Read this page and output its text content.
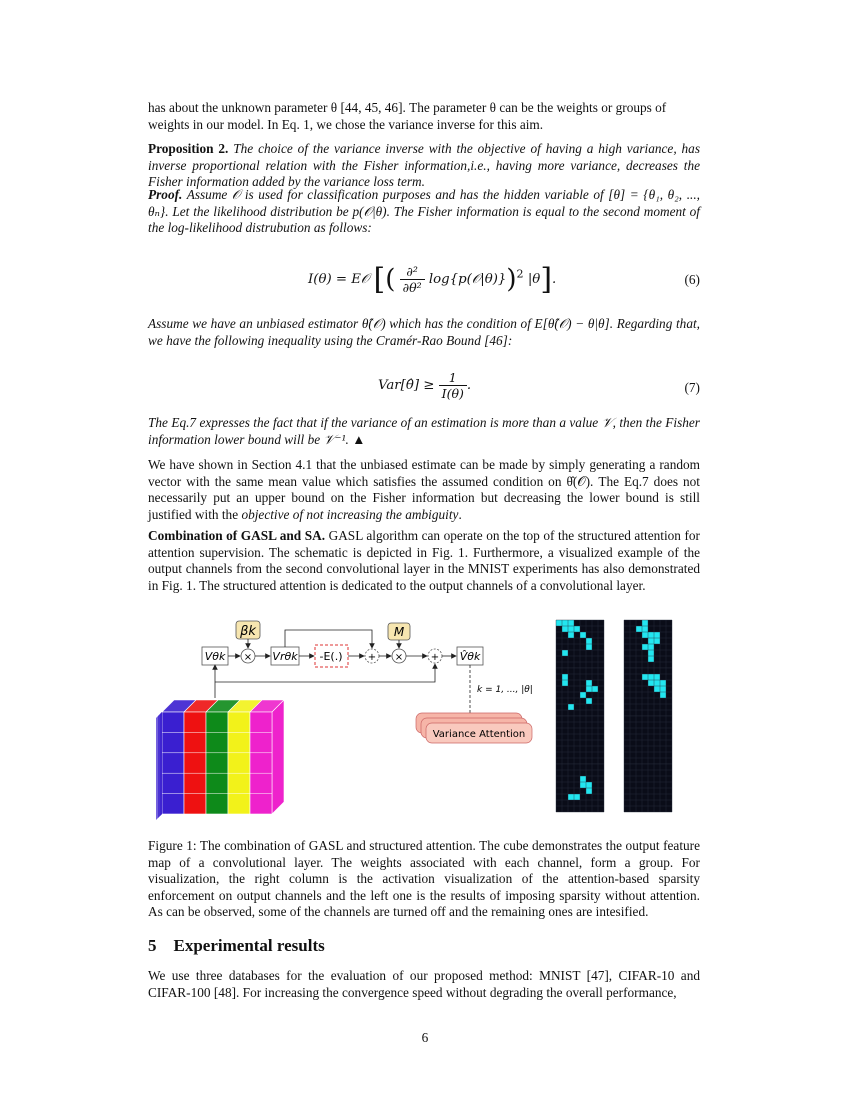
has about the unknown parameter θ [44, 45, 46]. The parameter θ can be the weights or groups of
weights in our model. In Eq. 1, we chose the variance inverse for this aim.

Proposition 2. The choice of the variance inverse with the objective of having a high variance, has inverse proportional relation with the Fisher information,i.e., having more variance, decreases the Fisher information added by the variance loss term.

Proof. Assume 𝒪 is used for classification purposes and has the hidden variable of [θ] = {θ₁, θ₂, ..., θₙ}. Let the likelihood distribution be p(𝒪|θ). The Fisher information is equal to the second moment of the log-likelihood distrubution as follows:

I(θ) = E𝒪 [( $\frac{\text{∂²}}{\text{∂θ²}}$ log{p(𝒪|θ)})$^2$ |θ].	(6)

Assume we have an unbiased estimator θ̂(𝒪) which has the condition of E[θ̂(𝒪) − θ|θ]. Regarding that, we have the following inequality using the Cramér-Rao Bound [46]:

Var[θ̂] ≥ $\frac{1}{I(\theta)}$ .	(7)

The Eq.7 expresses the fact that if the variance of an estimation is more than a value 𝒱, then the Fisher information lower bound will be 𝒱⁻¹. ▲

We have shown in Section 4.1 that the unbiased estimate can be made by simply generating a random vector with the same mean value which satisfies the assumed condition on θ̂(𝒪). The Eq.7 does not necessarily put an upper bound on the Fisher information but decreasing the lower bound is still justified with the objective of not increasing the ambiguity.

Combination of GASL and SA. GASL algorithm can operate on the top of the structured attention for attention supervision. The schematic is depicted in Fig. 1. Furthermore, a visualized example of the output channels from the second convolutional layer in the MNIST experiments has also demonstrated in Fig. 1. The structured attention is dedicated to the output channels of a convolutional layer.

βk	M
Vθk × Vrθk -E(.)	+ ×	+ V̂θk
k = 1, ..., |θ|
Variance Attention

Figure 1: The combination of GASL and structured attention. The cube demonstrates the output feature map of a convolutional layer. The weights associated with each channel, form a group. For visualization, the right column is the activation visualization of the attention-based sparsity enforcement on output channels and the left one is the results of imposing sparsity without attention. As can be observed, some of the channels are turned off and the remaining ones are intesified.

5 Experimental results

We use three databases for the evaluation of our proposed method: MNIST [47], CIFAR-10 and CIFAR-100 [48]. For increasing the convergence speed without degrading the overall performance,

6
